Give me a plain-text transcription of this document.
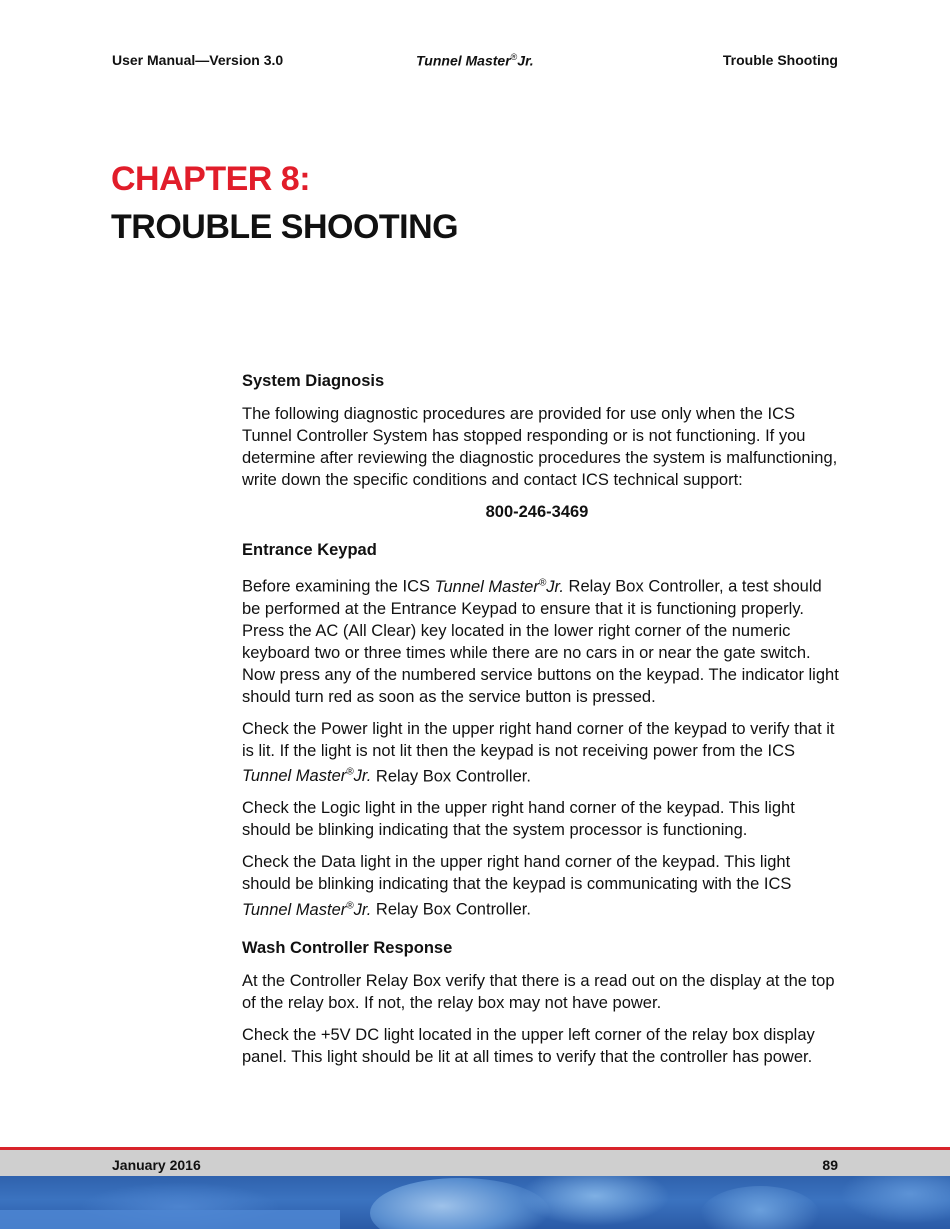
User Manual—Version 3.0	Tunnel Master®Jr.	Trouble Shooting
CHAPTER 8:
TROUBLE SHOOTING
System Diagnosis

The following diagnostic procedures are provided for use only when the ICS Tunnel Controller System has stopped responding or is not functioning. If you determine after reviewing the diagnostic procedures the system is malfunctioning, write down the specific conditions and contact ICS technical support:

800-246-3469

Entrance Keypad

Before examining the ICS Tunnel Master®Jr. Relay Box Controller, a test should be performed at the Entrance Keypad to ensure that it is functioning properly. Press the AC (All Clear) key located in the lower right corner of the numeric keyboard two or three times while there are no cars in or near the gate switch. Now press any of the numbered service buttons on the keypad. The indicator light should turn red as soon as the service button is pressed.

Check the Power light in the upper right hand corner of the keypad to verify that it is lit. If the light is not lit then the keypad is not receiving power from the ICS Tunnel Master®Jr. Relay Box Controller.

Check the Logic light in the upper right hand corner of the keypad. This light should be blinking indicating that the system processor is functioning.

Check the Data light in the upper right hand corner of the keypad. This light should be blinking indicating that the keypad is communicating with the ICS Tunnel Master®Jr. Relay Box Controller.

Wash Controller Response

At the Controller Relay Box verify that there is a read out on the display at the top of the relay box. If not, the relay box may not have power.

Check the +5V DC light located in the upper left corner of the relay box display panel. This light should be lit at all times to verify that the controller has power.

January 2016	89
